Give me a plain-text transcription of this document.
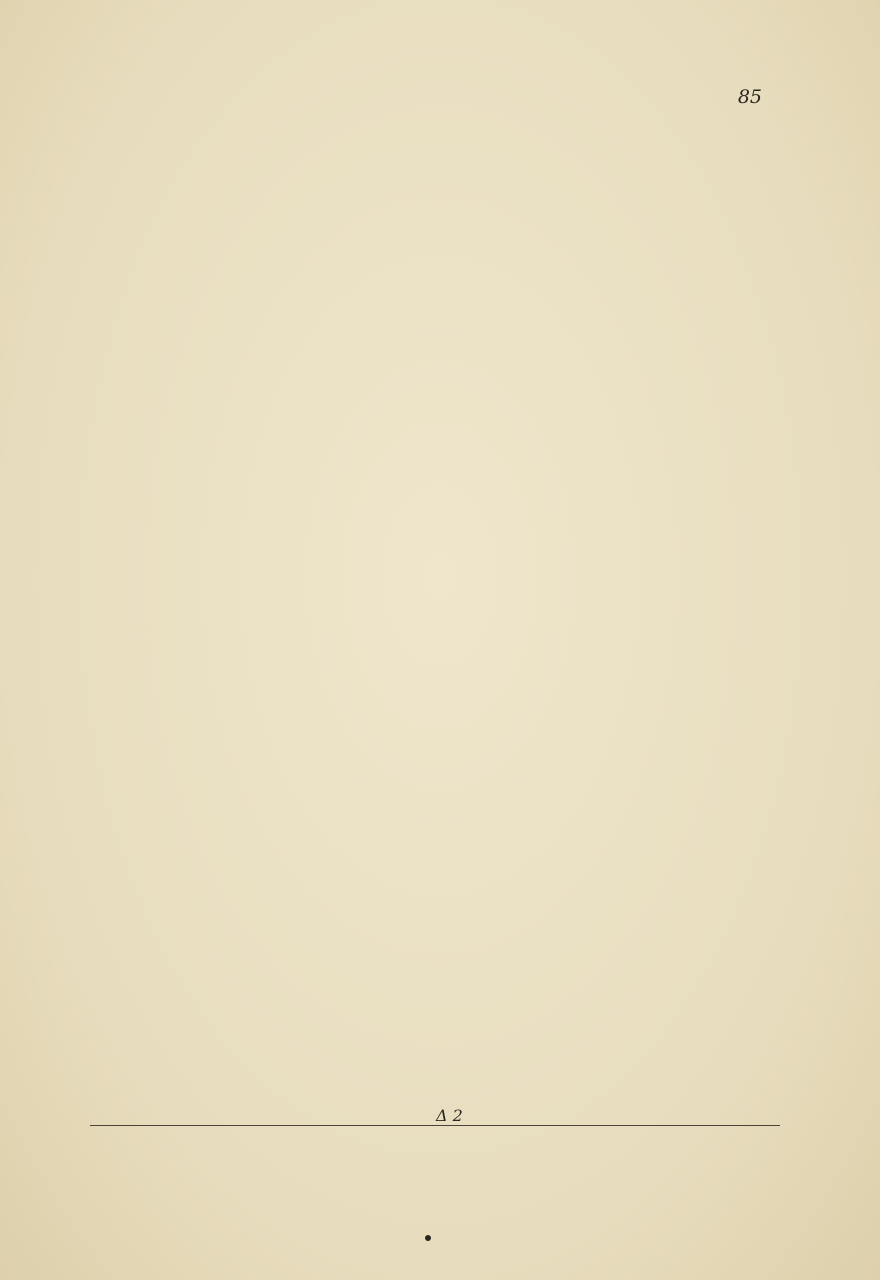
85
Δ 2
